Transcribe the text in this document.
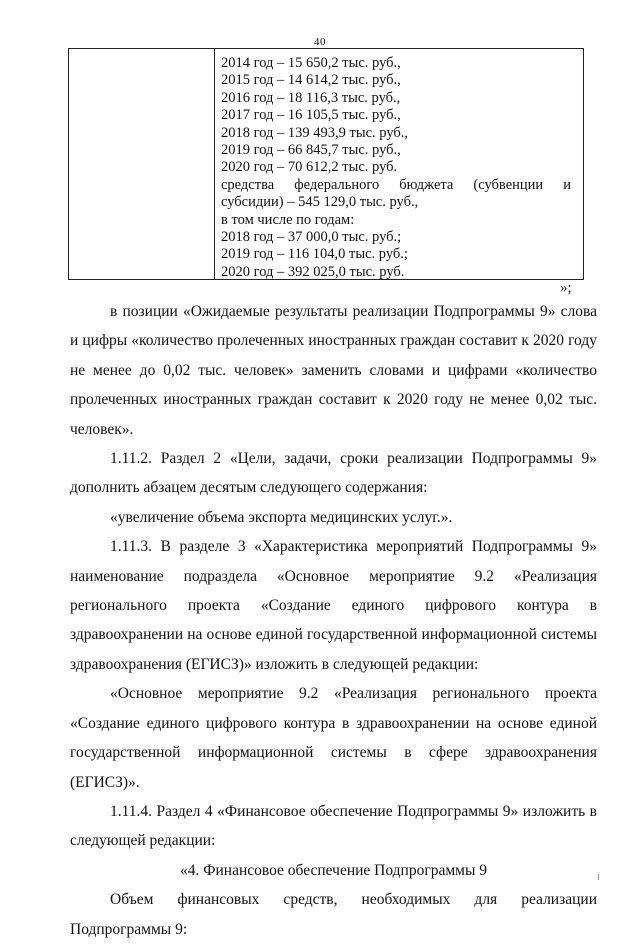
40
2014 год – 15 650,2 тыс. руб.,
2015 год – 14 614,2 тыс. руб.,
2016 год – 18 116,3 тыс. руб.,
2017 год – 16 105,5 тыс. руб.,
2018 год – 139 493,9 тыс. руб.,
2019 год – 66 845,7 тыс. руб.,
2020 год – 70 612,2 тыс. руб.
средства федерального бюджета (субвенции и
субсидии) – 545 129,0 тыс. руб.,
в том числе по годам:
2018 год – 37 000,0 тыс. руб.;
2019 год – 116 104,0 тыс. руб.;
2020 год – 392 025,0 тыс. руб.
»;

в позиции «Ожидаемые результаты реализации Подпрограммы 9» слова и цифры «количество пролеченных иностранных граждан составит к 2020 году не менее до 0,02 тыс. человек» заменить словами и цифрами «количество пролеченных иностранных граждан составит к 2020 году не менее 0,02 тыс. человек».

1.11.2. Раздел 2 «Цели, задачи, сроки реализации Подпрограммы 9» дополнить абзацем десятым следующего содержания:

«увеличение объема экспорта медицинских услуг.».

1.11.3. В разделе 3 «Характеристика мероприятий Подпрограммы 9» наименование подраздела «Основное мероприятие 9.2 «Реализация регионального проекта «Создание единого цифрового контура в здравоохранении на основе единой государственной информационной системы здравоохранения (ЕГИСЗ)» изложить в следующей редакции:

«Основное мероприятие 9.2 «Реализация регионального проекта «Создание единого цифрового контура в здравоохранении на основе единой государственной информационной системы в сфере здравоохранения (ЕГИСЗ)».

1.11.4. Раздел 4 «Финансовое обеспечение Подпрограммы 9» изложить в следующей редакции:

«4. Финансовое обеспечение Подпрограммы 9

Объем финансовых средств, необходимых для реализации Подпрограммы 9:
